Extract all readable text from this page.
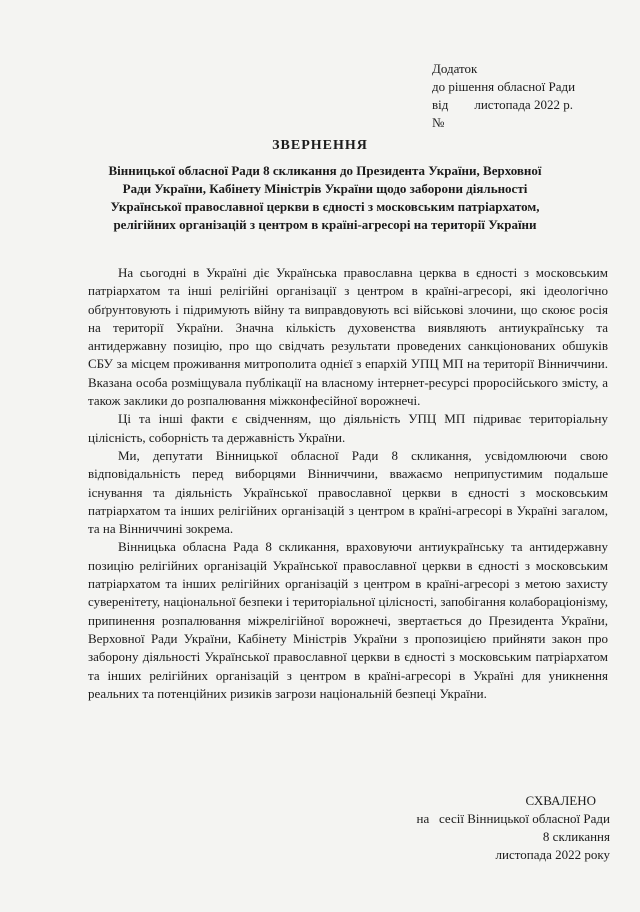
Додаток
до рішення обласної Ради
від        листопада 2022 р.
№
ЗВЕРНЕННЯ
Вінницької обласної Ради 8 скликання до Президента України, Верховної Ради України, Кабінету Міністрів України щодо заборони діяльності Української православної церкви в єдності з московським патріархатом, релігійних організацій з центром в країні-агресорі на території України

На сьогодні в Україні діє Українська православна церква в єдності з московським патріархатом та інші релігійні організації з центром в країні-агресорі, які ідеологічно обґрунтовують і підримують війну та виправдовують всі військові злочини, що скоює росія на території України. Значна кількість духовенства виявляють антиукраїнську та антидержавну позицію, про що свідчать результати проведених санкціонованих обшуків СБУ за місцем проживання митрополита однієї з епархій УПЦ МП на території Вінниччини. Вказана особа розміщувала публікації на власному інтернет-ресурсі проросійського змісту, а також заклики до розпалювання міжконфесійної ворожнечі.

Ці та інші факти є свідченням, що діяльність УПЦ МП підриває територіальну цілісність, соборність та державність України.

Ми, депутати Вінницької обласної Ради 8 скликання, усвідомлюючи свою відповідальність перед виборцями Вінниччини, вважаємо неприпустимим подальше існування та діяльність Української православної церкви в єдності з московським патріархатом та інших релігійних організацій з центром в країні-агресорі в Україні загалом, та на Вінниччині зокрема.

Вінницька обласна Рада 8 скликання, враховуючи антиукраїнську та антидержавну позицію релігійних організацій Української православної церкви в єдності з московським патріархатом та інших релігійних організацій з центром в країні-агресорі з метою захисту суверенітету, національної безпеки і територіальної цілісності, запобігання колабораціонізму, припинення розпалювання міжрелігійної ворожнечі, звертається до Президента України, Верховної Ради України, Кабінету Міністрів України з пропозицією прийняти закон про заборону діяльності Української православної церкви в єдності з московським патріархатом та інших релігійних організацій з центром в країні-агресорі в Україні для уникнення реальних та потенційних ризиків загрози національній безпеці України.

СХВАЛЕНО
на   сесії Вінницької обласної Ради
8 скликання
листопада 2022 року
